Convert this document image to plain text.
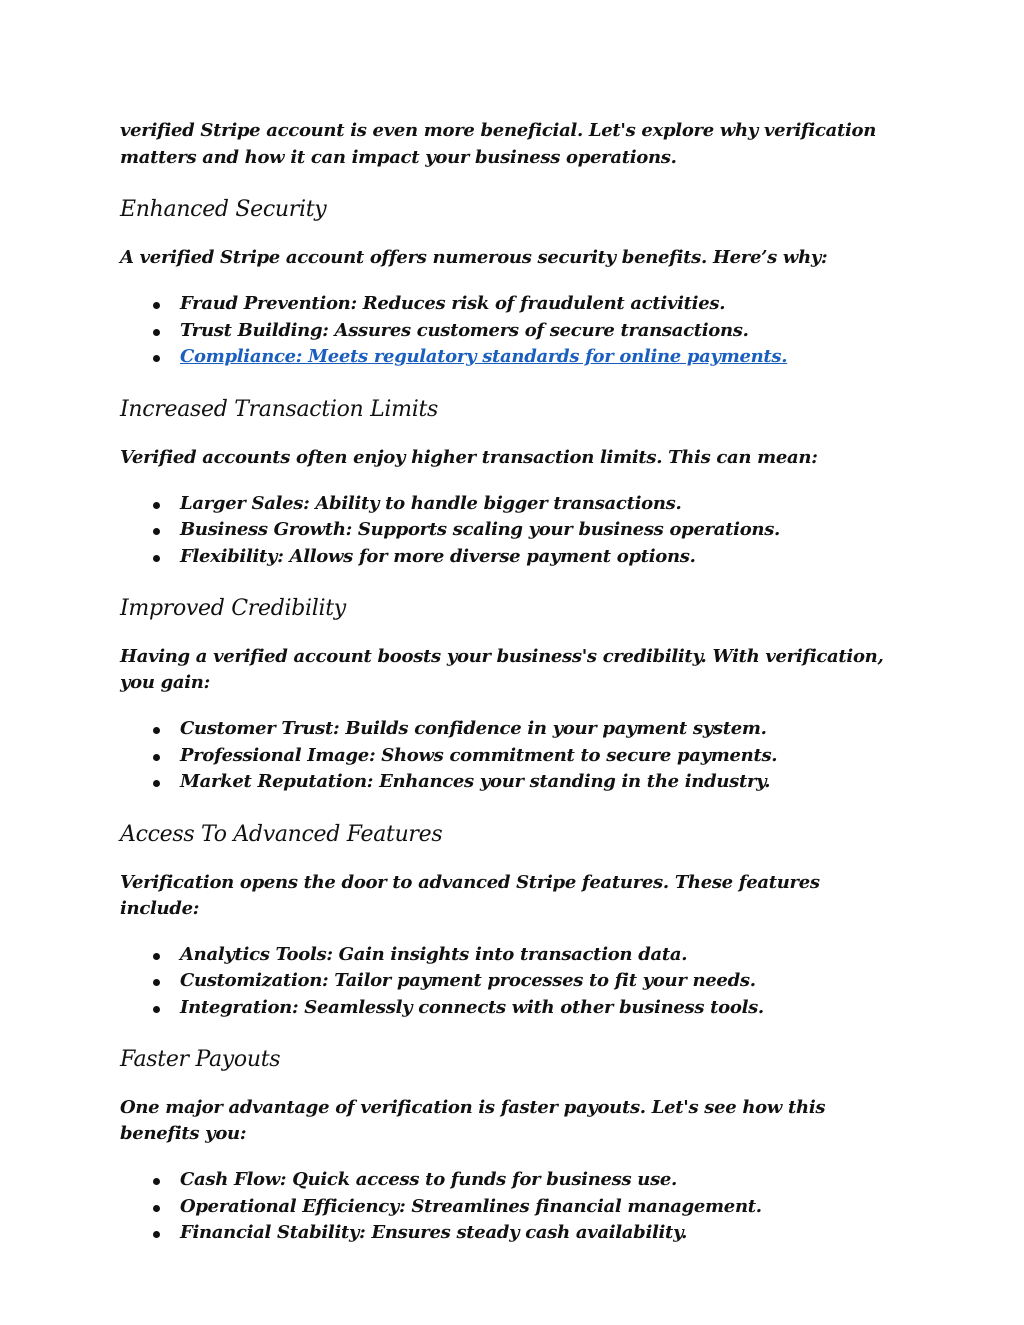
verified Stripe account is even more beneficial. Let's explore why verification matters and how it can impact your business operations.

Enhanced Security

A verified Stripe account offers numerous security benefits. Here’s why:

Fraud Prevention: Reduces risk of fraudulent activities.
Trust Building: Assures customers of secure transactions.
Compliance: Meets regulatory standards for online payments.
Increased Transaction Limits

Verified accounts often enjoy higher transaction limits. This can mean:

Larger Sales: Ability to handle bigger transactions.
Business Growth: Supports scaling your business operations.
Flexibility: Allows for more diverse payment options.
Improved Credibility

Having a verified account boosts your business's credibility. With verification, you gain:

Customer Trust: Builds confidence in your payment system.
Professional Image: Shows commitment to secure payments.
Market Reputation: Enhances your standing in the industry.
Access To Advanced Features

Verification opens the door to advanced Stripe features. These features include:

Analytics Tools: Gain insights into transaction data.
Customization: Tailor payment processes to fit your needs.
Integration: Seamlessly connects with other business tools.
Faster Payouts

One major advantage of verification is faster payouts. Let's see how this benefits you:

Cash Flow: Quick access to funds for business use.
Operational Efficiency: Streamlines financial management.
Financial Stability: Ensures steady cash availability.
